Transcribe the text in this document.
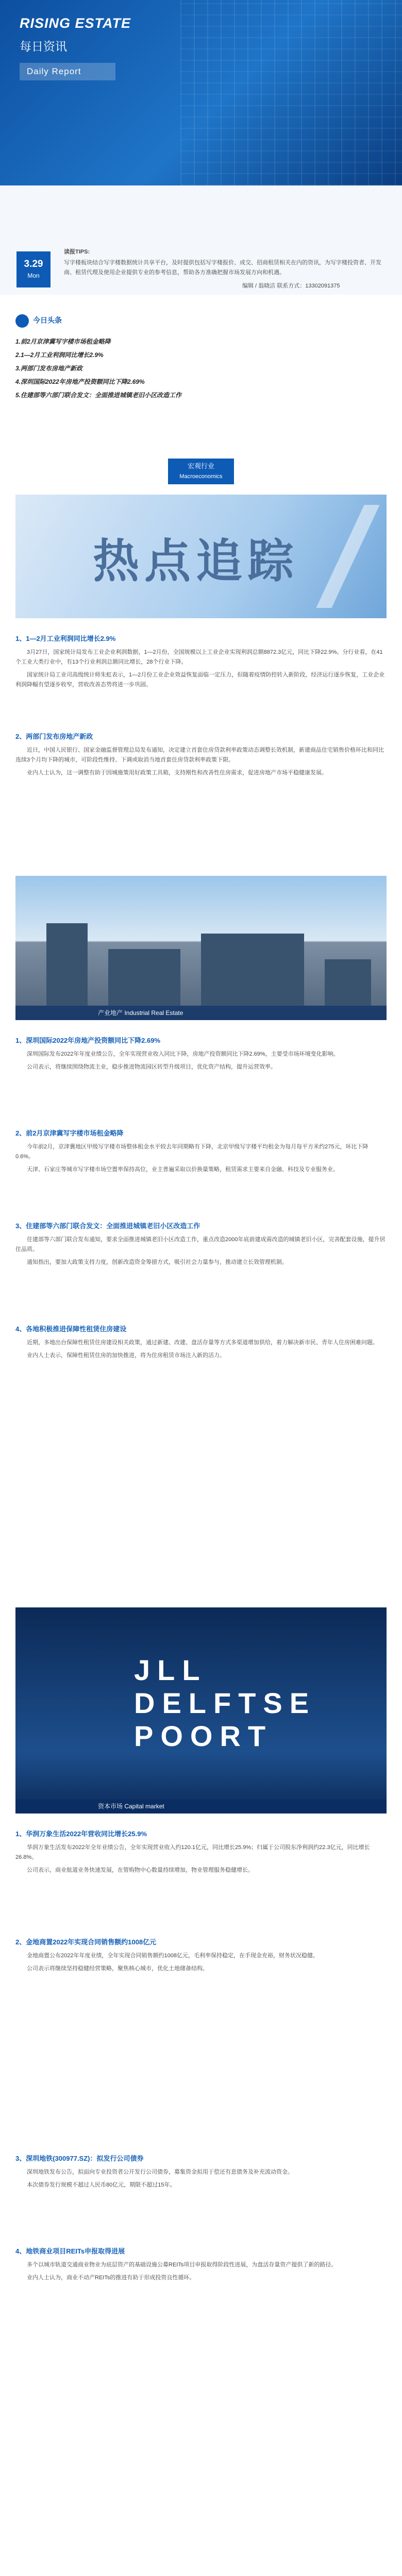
RISING ESTATE
每日资讯
Daily Report
3.29
Mon
读报TIPS:
写字楼板块结合写字楼数据统计共享平台，及时提供包括写字楼报价、成交、招商租赁相关在内的资讯，为写字楼投资者、开发商、租赁代理及使用企业提供专业的参考信息，帮助各方准确把握市场发展方向和机遇。
编辑 / 翁晓洁 联系方式：13302091375
今日头条
1.前2月京津冀写字楼市场租金略降
2.1—2月工业利润同比增长2.9%
3.两部门发布房地产新政
4.深圳国际2022年房地产投资额同比下降2.69%
5.住建部等六部门联合发文：全面推进城镇老旧小区改造工作
宏观行业
Macroeconomics
热点追踪
1、1—2月工业利润同比增长2.9%

3月27日，国家统计局发布工业企业利润数据，1—2月份，全国规模以上工业企业实现利润总额8872.3亿元，同比下降22.9%。分行业看，在41个工业大类行业中，有13个行业利润总额同比增长，28个行业下降。

国家统计局工业司高级统计师朱虹表示，1—2月份工业企业效益恢复面临一定压力，但随着疫情防控转入新阶段，经济运行逐步恢复，工业企业利润降幅有望逐步收窄，营收改善态势将进一步巩固。

2、两部门发布房地产新政

近日，中国人民银行、国家金融监督管理总局发布通知，决定建立首套住房贷款利率政策动态调整长效机制，新建商品住宅销售价格环比和同比连续3个月均下降的城市，可阶段性维持、下调或取消当地首套住房贷款利率政策下限。

业内人士认为，这一调整有助于因城施策用好政策工具箱，支持刚性和改善性住房需求，促进房地产市场平稳健康发展。

产业地产 Industrial Real Estate
1、深圳国际2022年房地产投资额同比下降2.69%

深圳国际发布2022年年度业绩公告，全年实现营业收入同比下降，房地产投资额同比下降2.69%，主要受市场环境变化影响。

公司表示，将继续围绕物流主业，稳步推进物流园区转型升级项目，优化资产结构，提升运营效率。

2、前2月京津冀写字楼市场租金略降

今年前2月，京津冀地区甲级写字楼市场整体租金水平较去年同期略有下降，北京甲级写字楼平均租金为每月每平方米约275元，环比下降0.6%。

天津、石家庄等城市写字楼市场空置率保持高位，业主普遍采取以价换量策略，租赁需求主要来自金融、科技及专业服务业。

3、住建部等六部门联合发文：全面推进城镇老旧小区改造工作

住建部等六部门联合发布通知，要求全面推进城镇老旧小区改造工作，重点改造2000年底前建成需改造的城镇老旧小区，完善配套设施，提升居住品质。

通知指出，要加大政策支持力度，创新改造资金筹措方式，吸引社会力量参与，推动建立长效管理机制。

4、各地积极推进保障性租赁住房建设

近期，多地出台保障性租赁住房建设相关政策，通过新建、改建、盘活存量等方式多渠道增加供给，着力解决新市民、青年人住房困难问题。

业内人士表示，保障性租赁住房的加快推进，将为住房租赁市场注入新的活力。

JLL DELFTSE POORT
资本市场 Capital market
1、华润万象生活2022年营收同比增长25.9%

华润万象生活发布2022年全年业绩公告，全年实现营业收入约120.1亿元，同比增长25.9%；归属于公司股东净利润约22.3亿元，同比增长26.8%。

公司表示，商业航道业务快速发展，在管购物中心数量持续增加，物业管理服务稳健增长。

2、金地商置2022年实现合同销售额约1008亿元

金地商置公布2022年年度业绩，全年实现合同销售额约1008亿元，毛利率保持稳定，在手现金充裕，财务状况稳健。

公司表示将继续坚持稳健经营策略，聚焦核心城市，优化土地储备结构。

3、深圳地铁(300977.SZ)：拟发行公司债券

深圳地铁发布公告，拟面向专业投资者公开发行公司债券，募集资金拟用于偿还有息债务及补充流动资金。

本次债券发行规模不超过人民币80亿元，期限不超过15年。

4、地铁商业项目REITs申报取得进展

多个以城市轨道交通商业物业为底层资产的基础设施公募REITs项目申报取得阶段性进展，为盘活存量资产提供了新的路径。

业内人士认为，商业不动产REITs的推进有助于形成投资良性循环。
